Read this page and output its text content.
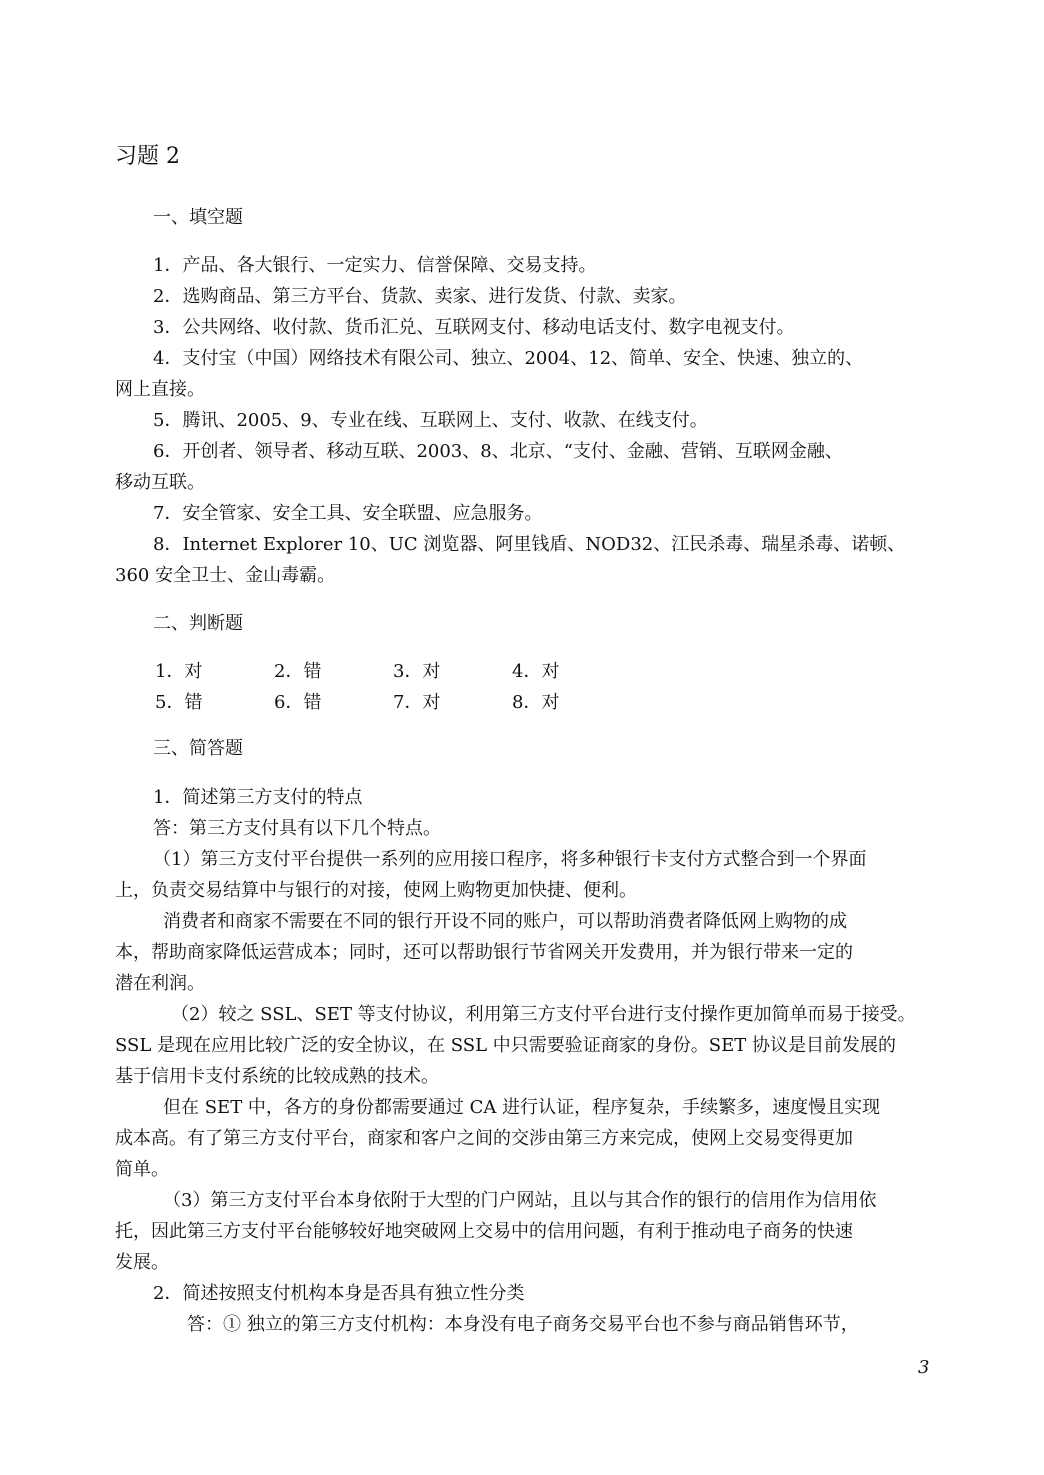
习题 2
一、填空题
1．产品、各大银行、一定实力、信誉保障、交易支持。
2．选购商品、第三方平台、货款、卖家、进行发货、付款、卖家。
3．公共网络、收付款、货币汇兑、互联网支付、移动电话支付、数字电视支付。
4．支付宝（中国）网络技术有限公司、独立、2004、12、简单、安全、快速、独立的、
网上直接。
5．腾讯、2005、9、专业在线、互联网上、支付、收款、在线支付。
6．开创者、领导者、移动互联、2003、8、北京、“支付、金融、营销、互联网金融、
移动互联。
7．安全管家、安全工具、安全联盟、应急服务。
8．Internet Explorer 10、UC 浏览器、阿里钱盾、NOD32、江民杀毒、瑞星杀毒、诺顿、
360 安全卫士、金山毒霸。
二、判断题
1．对	2．错	3．对	4．对
5．错	6．错	7．对	8．对
三、简答题
1．简述第三方支付的特点
答：第三方支付具有以下几个特点。
（1）第三方支付平台提供一系列的应用接口程序，将多种银行卡支付方式整合到一个界面
上，负责交易结算中与银行的对接，使网上购物更加快捷、便利。
消费者和商家不需要在不同的银行开设不同的账户，可以帮助消费者降低网上购物的成
本，帮助商家降低运营成本；同时，还可以帮助银行节省网关开发费用，并为银行带来一定的
潜在利润。
（2）较之 SSL、SET 等支付协议，利用第三方支付平台进行支付操作更加简单而易于接受。
SSL 是现在应用比较广泛的安全协议，在 SSL 中只需要验证商家的身份。SET 协议是目前发展的
基于信用卡支付系统的比较成熟的技术。
但在 SET 中，各方的身份都需要通过 CA 进行认证，程序复杂，手续繁多，速度慢且实现
成本高。有了第三方支付平台，商家和客户之间的交涉由第三方来完成，使网上交易变得更加
简单。
（3）第三方支付平台本身依附于大型的门户网站，且以与其合作的银行的信用作为信用依
托，因此第三方支付平台能够较好地突破网上交易中的信用问题，有利于推动电子商务的快速
发展。
2．简述按照支付机构本身是否具有独立性分类
答：① 独立的第三方支付机构：本身没有电子商务交易平台也不参与商品销售环节，
3
